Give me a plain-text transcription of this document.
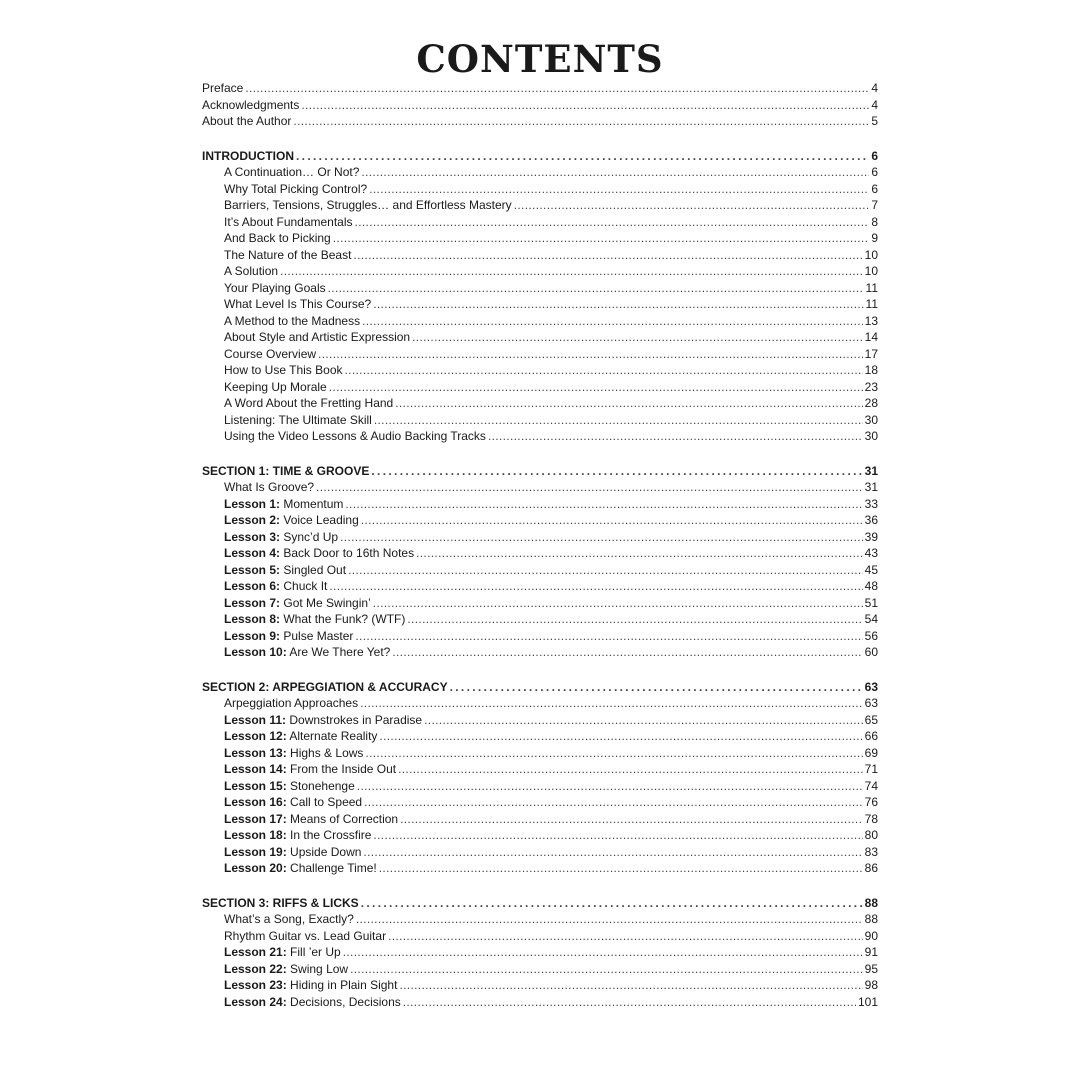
CONTENTS
Preface . . .	4
Acknowledgments . . .	4
About the Author . . .	5
INTRODUCTION . . .	6
A Continuation… Or Not? . . .	6
Why Total Picking Control? . . .	6
Barriers, Tensions, Struggles… and Effortless Mastery . . .	7
It’s About Fundamentals . . .	8
And Back to Picking . . .	9
The Nature of the Beast . . .	10
A Solution . . .	10
Your Playing Goals . . .	11
What Level Is This Course? . . .	11
A Method to the Madness . . .	13
About Style and Artistic Expression . . .	14
Course Overview . . .	17
How to Use This Book . . .	18
Keeping Up Morale . . .	23
A Word About the Fretting Hand . . .	28
Listening: The Ultimate Skill . . .	30
Using the Video Lessons & Audio Backing Tracks . . .	30
SECTION 1: TIME & GROOVE . . .	31
What Is Groove? . . .	31
Lesson 1: Momentum . . .	33
Lesson 2: Voice Leading . . .	36
Lesson 3: Sync’d Up . . .	39
Lesson 4: Back Door to 16th Notes . . .	43
Lesson 5: Singled Out . . .	45
Lesson 6: Chuck It . . .	48
Lesson 7: Got Me Swingin’ . . .	51
Lesson 8: What the Funk? (WTF) . . .	54
Lesson 9: Pulse Master . . .	56
Lesson 10: Are We There Yet? . . .	60
SECTION 2: ARPEGGIATION & ACCURACY . . .	63
Arpeggiation Approaches . . .	63
Lesson 11: Downstrokes in Paradise . . .	65
Lesson 12: Alternate Reality . . .	66
Lesson 13: Highs & Lows . . .	69
Lesson 14: From the Inside Out . . .	71
Lesson 15: Stonehenge . . .	74
Lesson 16: Call to Speed . . .	76
Lesson 17: Means of Correction . . .	78
Lesson 18: In the Crossfire . . .	80
Lesson 19: Upside Down . . .	83
Lesson 20: Challenge Time! . . .	86
SECTION 3: RIFFS & LICKS . . .	88
What’s a Song, Exactly? . . .	88
Rhythm Guitar vs. Lead Guitar . . .	90
Lesson 21: Fill ’er Up . . .	91
Lesson 22: Swing Low . . .	95
Lesson 23: Hiding in Plain Sight . . .	98
Lesson 24: Decisions, Decisions . . .	101
